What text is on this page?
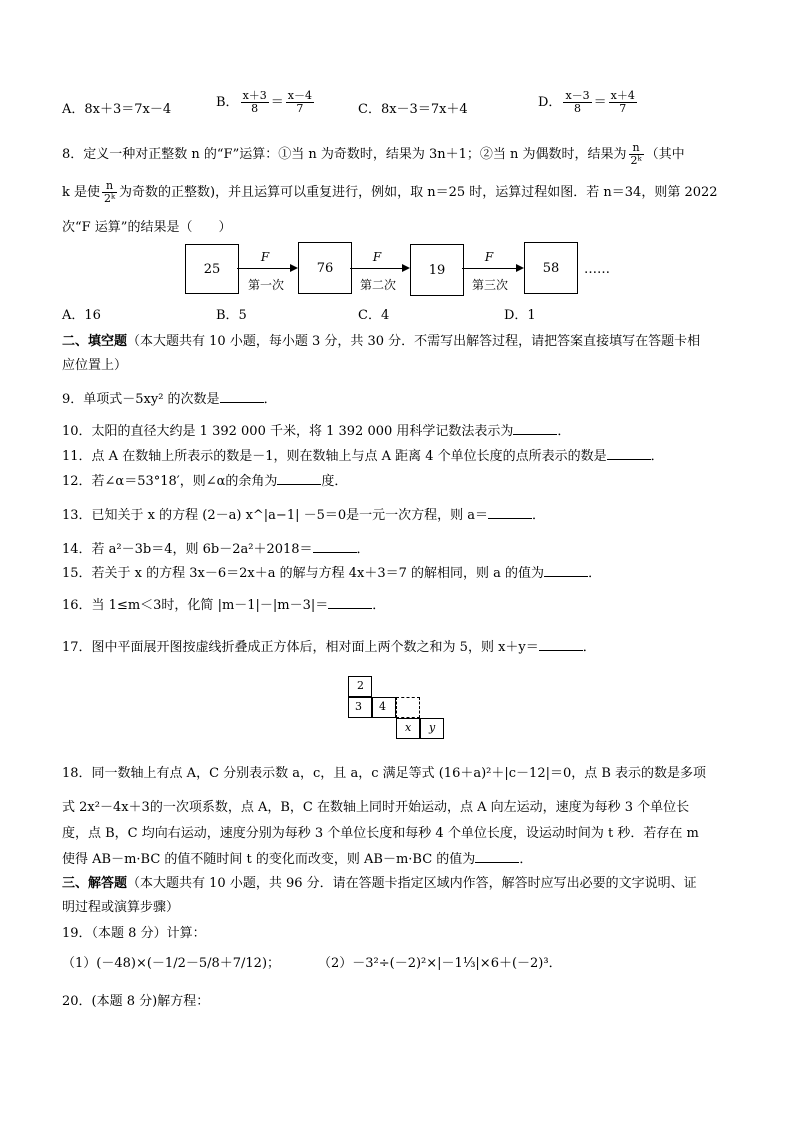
A．8x＋3＝7x－4	B． $\frac{x+3}{8} = \frac{x-4}{7}$	C．8x－3＝7x＋4	D． $\frac{x-3}{8} = \frac{x+4}{7}$
8．定义一种对正整数 n 的“F”运算：①当 n 为奇数时，结果为 3n＋1；②当 n 为偶数时，结果为 $\frac{n}{\text{2ᵏ}}$ （其中
k 是使 $\frac{n}{\text{2ᵏ}}$ 为奇数的正整数)，并且运算可以重复进行，例如，取 n＝25 时，运算过程如图．若 n＝34，则第 2022
次“F 运算”的结果是（　　）
25	76	19	58
F	F	F
第一次	第二次	第三次
……
A．16	B．5	C．4	D．1
二、填空题（本大题共有 10 小题，每小题 3 分，共 30 分．不需写出解答过程，请把答案直接填写在答题卡相
应位置上）
9．单项式－5xy² 的次数是	．
10．太阳的直径大约是 1 392 000 千米，将 1 392 000 用科学记数法表示为	．
11．点 A 在数轴上所表示的数是－1，则在数轴上与点 A 距离 4 个单位长度的点所表示的数是	．
12．若∠α＝53°18′，则∠α的余角为	度．
13．已知关于 x 的方程 (2－a) x^|a−1| －5＝0是一元一次方程，则 a＝	．
14．若 a²－3b＝4，则 6b－2a²＋2018＝	．
15．若关于 x 的方程 3x－6＝2x＋a 的解与方程 4x＋3＝7 的解相同，则 a 的值为	．
16．当 1≤m＜3时，化简 |m－1|－|m－3|＝	．
17．图中平面展开图按虚线折叠成正方体后，相对面上两个数之和为 5，则 x＋y＝	．
2
3	4
x	y
18．同一数轴上有点 A，C 分别表示数 a，c，且 a，c 满足等式 (16＋a)²＋|c－12|＝0，点 B 表示的数是多项
式 2x²－4x＋3的一次项系数，点 A，B，C 在数轴上同时开始运动，点 A 向左运动，速度为每秒 3 个单位长
度，点 B，C 均向右运动，速度分别为每秒 3 个单位长度和每秒 4 个单位长度，设运动时间为 t 秒．若存在 m
使得 AB－m·BC 的值不随时间 t 的变化而改变，则 AB－m·BC 的值为	．
三、解答题（本大题共有 10 小题，共 96 分．请在答题卡指定区域内作答，解答时应写出必要的文字说明、证
明过程或演算步骤）
19．（本题 8 分）计算：
（1）(－48)×(－1/2－5/8＋7/12)；	（2）－3²÷(－2)²×|－1⅓|×6＋(－2)³．
20．(本题 8 分)解方程：
